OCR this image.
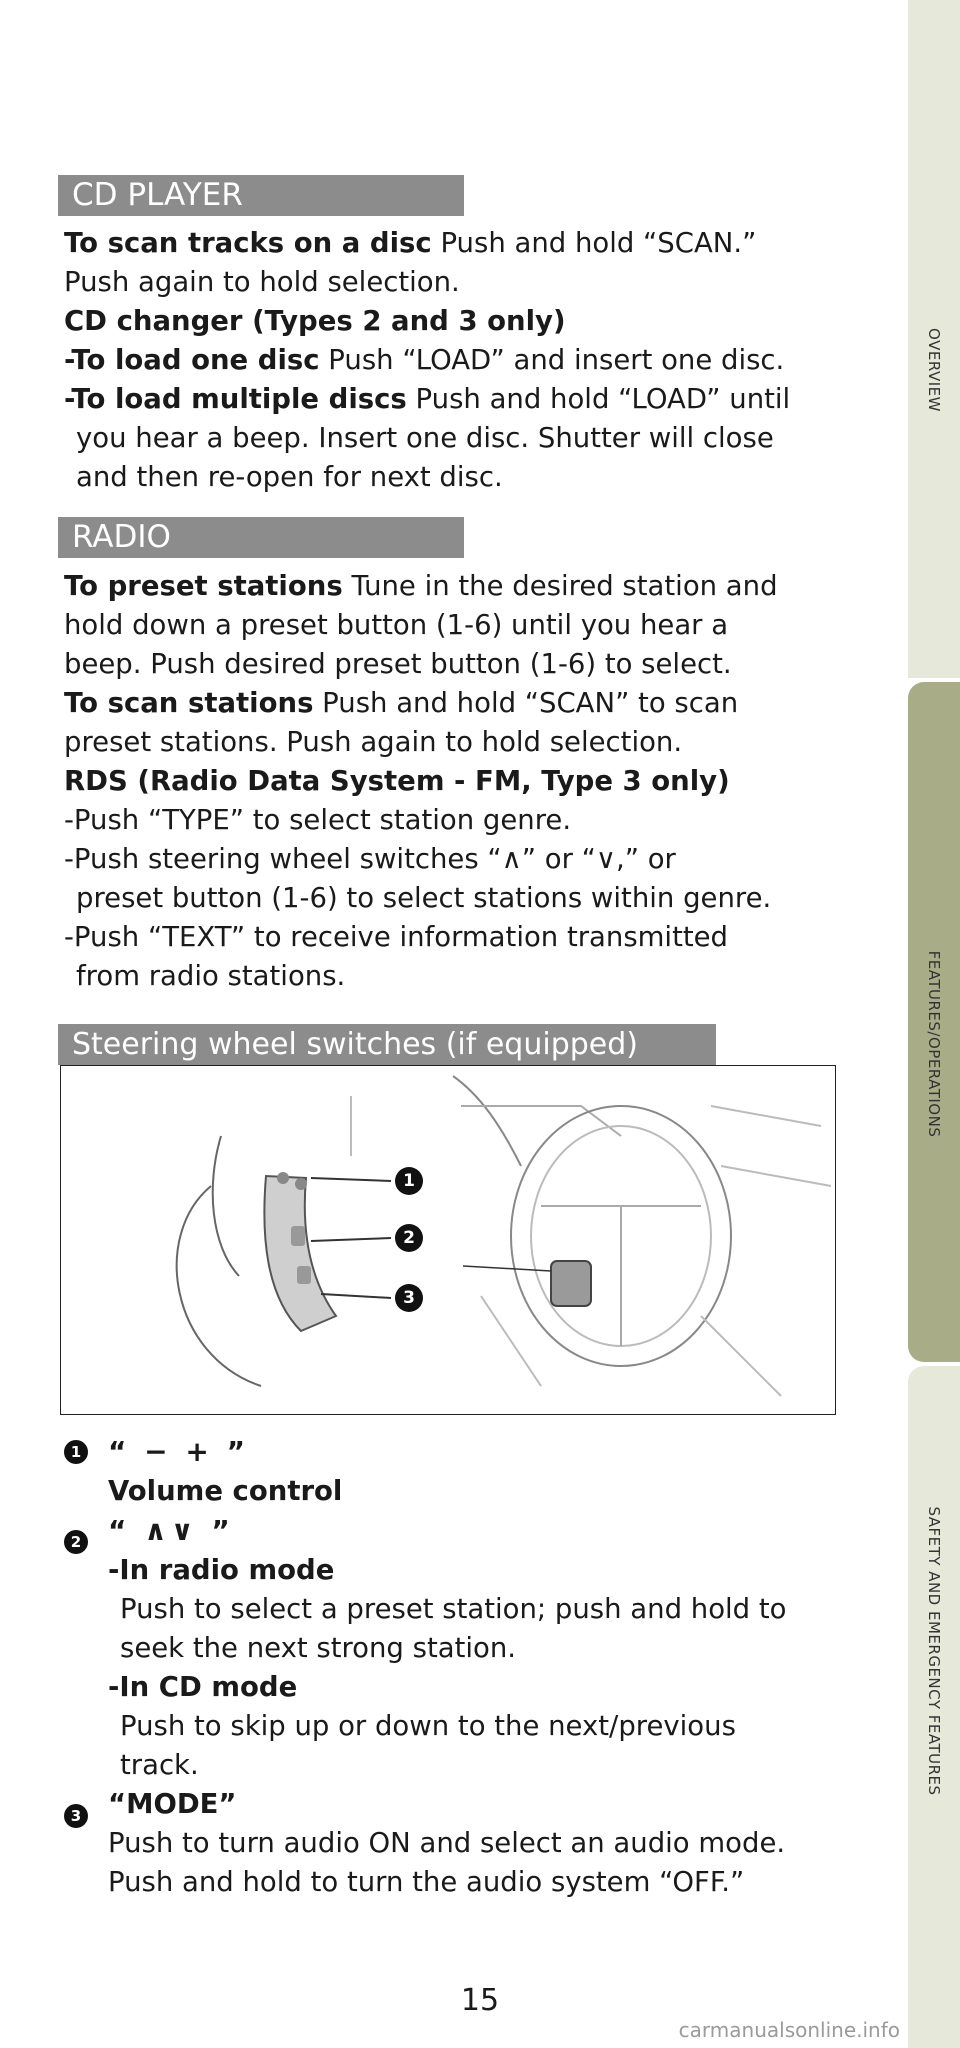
OVERVIEW
FEATURES/OPERATIONS
SAFETY AND EMERGENCY FEATURES
CD PLAYER

To scan tracks on a disc Push and hold “SCAN.”

Push again to hold selection.

CD changer (Types 2 and 3 only)

-To load one disc Push “LOAD” and insert one disc.

-To load multiple discs Push and hold “LOAD” until

you hear a beep. Insert one disc. Shutter will close

and then re-open for next disc.

RADIO

To preset stations Tune in the desired station and

hold down a preset button (1-6) until you hear a

beep. Push desired preset button (1-6) to select.

To scan stations Push and hold “SCAN” to scan

preset stations. Push again to hold selection.

RDS (Radio Data System - FM, Type 3 only)

-Push “TYPE” to select station genre.

-Push steering wheel switches “∧” or “∨,” or

preset button (1-6) to select stations within genre.

-Push “TEXT” to receive information transmitted

from radio stations.

Steering wheel switches (if equipped)
1
2
3
1
2
3

“ − + ”

Volume control

“ ∧∨ ”

-In radio mode

Push to select a preset station; push and hold to

seek the next strong station.

-In CD mode

Push to skip up or down to the next/previous

track.

“MODE”

Push to turn audio ON and select an audio mode.

Push and hold to turn the audio system “OFF.”

15
carmanualsonline.info
